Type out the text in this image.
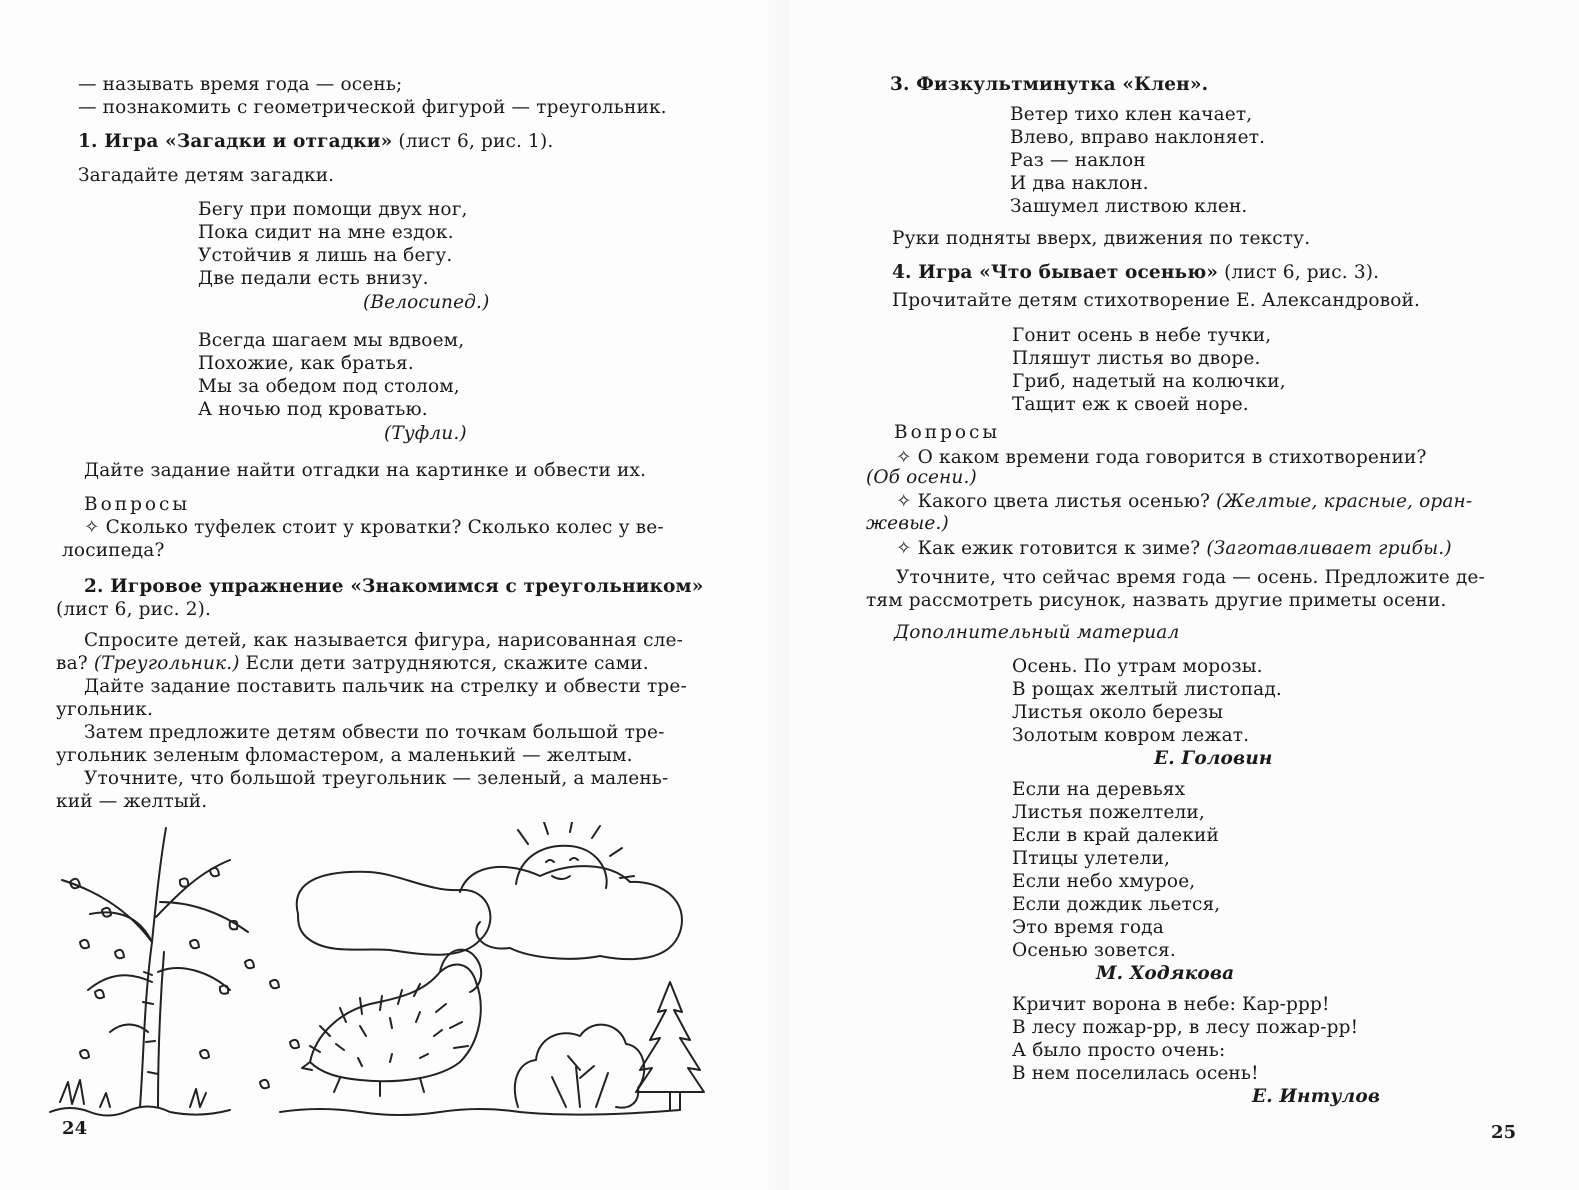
— называть время года — осень;
— познакомить с геометрической фигурой — треугольник.
1. Игра «Загадки и отгадки» (лист 6, рис. 1).
Загадайте детям загадки.
Бегу при помощи двух ног,
Пока сидит на мне ездок.
Устойчив я лишь на бегу.
Две педали есть внизу.
(Велосипед.)
Всегда шагаем мы вдвоем,
Похожие, как братья.
Мы за обедом под столом,
А ночью под кроватью.
(Туфли.)
Дайте задание найти отгадки на картинке и обвести их.
Вопросы
✧ Сколько туфелек стоит у кроватки? Сколько колес у ве-
лосипеда?
2. Игровое упражнение «Знакомимся с треугольником»
(лист 6, рис. 2).
Спросите детей, как называется фигура, нарисованная сле-
ва? (Треугольник.) Если дети затрудняются, скажите сами.
Дайте задание поставить пальчик на стрелку и обвести тре-
угольник.
Затем предложите детям обвести по точкам большой тре-
угольник зеленым фломастером, а маленький — желтым.
Уточните, что большой треугольник — зеленый, а малень-
кий — желтый.
24
3. Физкультминутка «Клен».
Ветер тихо клен качает,
Влево, вправо наклоняет.
Раз — наклон
И два наклон.
Зашумел листвою клен.
Руки подняты вверх, движения по тексту.
4. Игра «Что бывает осенью» (лист 6, рис. 3).
Прочитайте детям стихотворение Е. Александровой.
Гонит осень в небе тучки,
Пляшут листья во дворе.
Гриб, надетый на колючки,
Тащит еж к своей норе.
Вопросы
✧ О каком времени года говорится в стихотворении?
(Об осени.)
✧ Какого цвета листья осенью? (Желтые, красные, оран-
жевые.)
✧ Как ежик готовится к зиме? (Заготавливает грибы.)
Уточните, что сейчас время года — осень. Предложите де-
тям рассмотреть рисунок, назвать другие приметы осени.
Дополнительный материал
Осень. По утрам морозы.
В рощах желтый листопад.
Листья около березы
Золотым ковром лежат.
Е. Головин
Если на деревьях
Листья пожелтели,
Если в край далекий
Птицы улетели,
Если небо хмурое,
Если дождик льется,
Это время года
Осенью зовется.
М. Ходякова
Кричит ворона в небе: Кар-ррр!
В лесу пожар-рр, в лесу пожар-рр!
А было просто очень:
В нем поселилась осень!
Е. Интулов
25
